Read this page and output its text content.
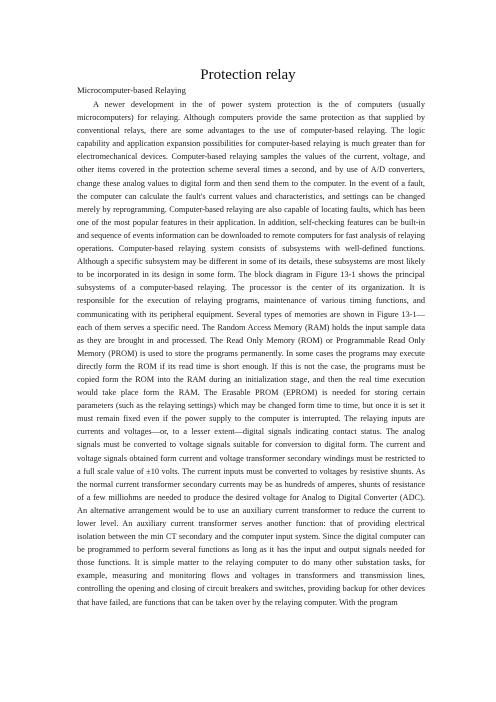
Protection relay
Microcomputer-based Relaying

A newer development in the of power system protection is the of computers (usually microcomputers) for relaying. Although computers provide the same protection as that supplied by conventional relays, there are some advantages to the use of computer-based relaying. The logic capability and application expansion possibilities for computer-based relaying is much greater than for electromechanical devices. Computer-based relaying samples the values of the current, voltage, and other items covered in the protection scheme several times a second, and by use of A/D converters, change these analog values to digital form and then send them to the computer. In the event of a fault, the computer can calculate the fault's current values and characteristics, and settings can be changed merely by reprogramming. Computer-based relaying are also capable of locating faults, which has been one of the most popular features in their application. In addition, self-checking features can be built-in and sequence of events information can be downloaded to remote computers for fast analysis of relaying operations. Computer-based relaying system consists of subsystems with well-defined functions. Although a specific subsystem may be different in some of its details, these subsystems are most likely to be incorporated in its design in some form. The block diagram in Figure 13-1 shows the principal subsystems of a computer-based relaying. The processor is the center of its organization. It is responsible for the execution of relaying programs, maintenance of various timing functions, and communicating with its peripheral equipment. Several types of memories are shown in Figure 13-1—each of them serves a specific need. The Random Access Memory (RAM) holds the input sample data as they are brought in and processed. The Read Only Memory (ROM) or Programmable Read Only Memory (PROM) is used to store the programs permanently. In some cases the programs may execute directly form the ROM if its read time is short enough. If this is not the case, the programs must be copied form the ROM into the RAM during an initialization stage, and then the real time execution would take place form the RAM. The Erasable PROM (EPROM) is needed for storing certain parameters (such as the relaying settings) which may be changed form time to time, but once it is set it must remain fixed even if the power supply to the computer is interrupted. The relaying inputs are currents and voltages—or, to a lesser extent—digital signals indicating contact status. The analog signals must be converted to voltage signals suitable for conversion to digital form. The current and voltage signals obtained form current and voltage transformer secondary windings must be restricted to a full scale value of ±10 volts. The current inputs must be converted to voltages by resistive shunts. As the normal current transformer secondary currents may be as hundreds of amperes, shunts of resistance of a few milliohms are needed to produce the desired voltage for Analog to Digital Converter (ADC). An alternative arrangement would be to use an auxiliary current transformer to reduce the current to lower level. An auxiliary current transformer serves another function: that of providing electrical isolation between the min CT secondary and the computer input system. Since the digital computer can be programmed to perform several functions as long as it has the input and output signals needed for those functions. It is simple matter to the relaying computer to do many other substation tasks, for example, measuring and monitoring flows and voltages in transformers and transmission lines, controlling the opening and closing of circuit breakers and switches, providing backup for other devices that have failed, are functions that can be taken over by the relaying computer. With the program
